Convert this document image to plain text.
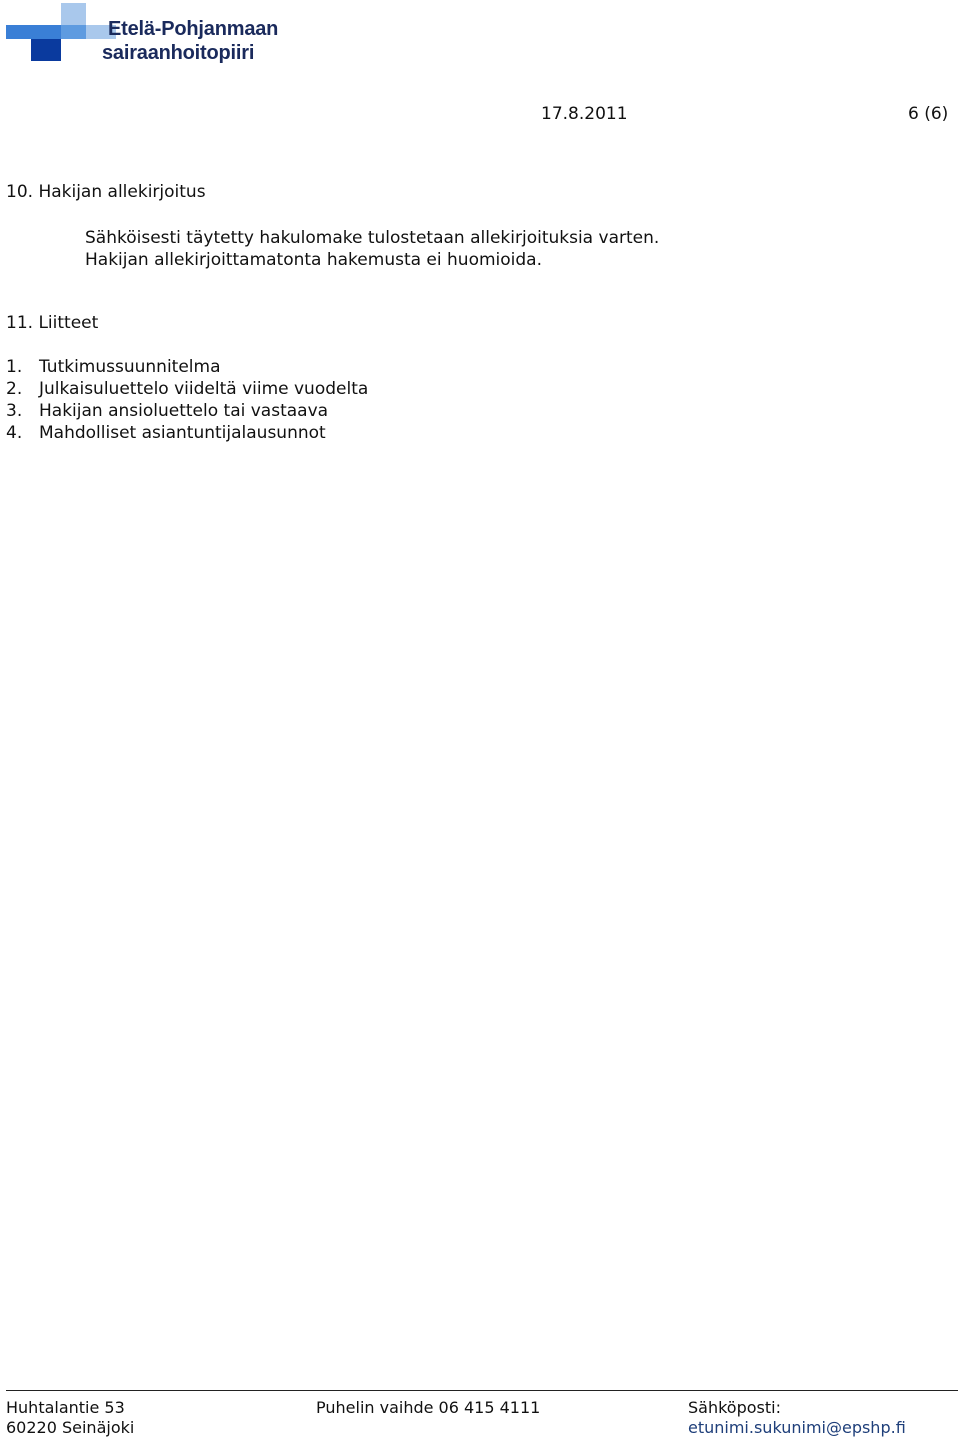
Etelä-Pohjanmaan
sairaanhoitopiiri
17.8.2011	6 (6)
10. Hakijan allekirjoitus
Sähköisesti täytetty hakulomake tulostetaan allekirjoituksia varten.
Hakijan allekirjoittamatonta hakemusta ei huomioida.
11. Liitteet
1. Tutkimussuunnitelma
2. Julkaisuluettelo viideltä viime vuodelta
3. Hakijan ansioluettelo tai vastaava
4. Mahdolliset asiantuntijalausunnot
Huhtalantie 53
60220 Seinäjoki
Puhelin vaihde 06 415 4111	Sähköposti:
etunimi.sukunimi@epshp.fi
